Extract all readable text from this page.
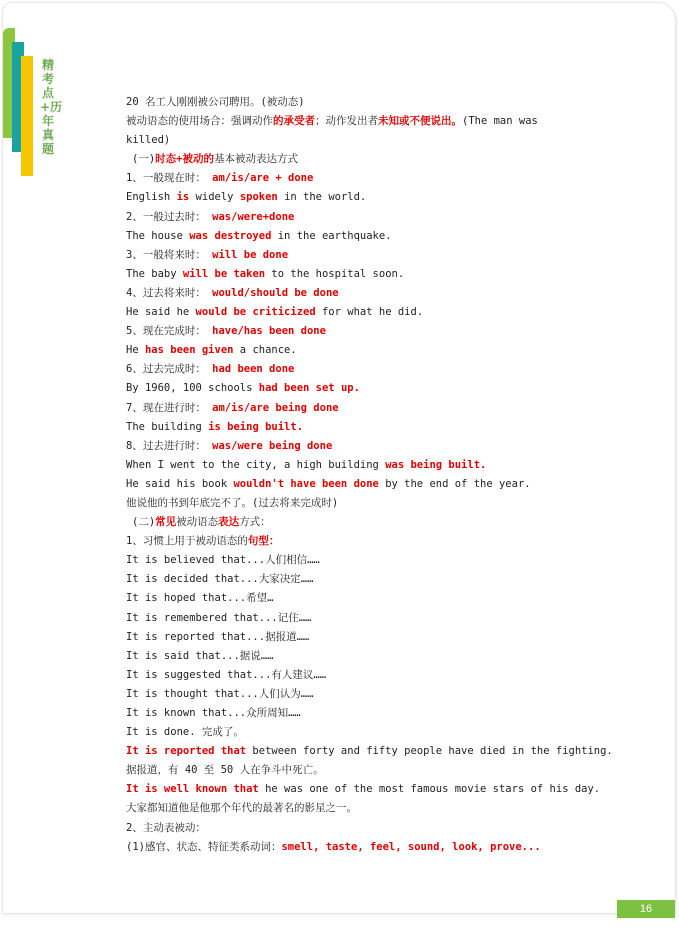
精考点+历年真题
20 名工人刚刚被公司聘用。(被动态)
被动语态的使用场合：强调动作的承受者；动作发出者未知或不便说出。(The man was killed)
(一)时态+被动的基本被动表达方式
1、一般现在时： am/is/are + done
English is widely spoken in the world.
2、一般过去时： was/were+done
The house was destroyed in the earthquake.
3、一般将来时： will be done
The baby will be taken to the hospital soon.
4、过去将来时： would/should be done
He said he would be criticized for what he did.
5、现在完成时： have/has been done
He has been given a chance.
6、过去完成时： had been done
By 1960, 100 schools had been set up.
7、现在进行时： am/is/are being done
The building is being built.
8、过去进行时： was/were being done
When I went to the city, a high building was being built.
He said his book wouldn't have been done by the end of the year.
他说他的书到年底完不了。(过去将来完成时)
(二)常见被动语态表达方式：
1、习惯上用于被动语态的句型：
It is believed that...人们相信……
It is decided that...大家决定……
It is hoped that...希望…
It is remembered that...记住……
It is reported that...据报道……
It is said that...据说……
It is suggested that...有人建议……
It is thought that...人们认为……
It is known that...众所周知……
It is done. 完成了。
It is reported that between forty and fifty people have died in the fighting.
据报道，有 40 至 50 人在争斗中死亡。
It is well known that he was one of the most famous movie stars of his day.
大家都知道他是他那个年代的最著名的影星之一。
2、主动表被动：
(1)感官、状态、特征类系动词：smell, taste, feel, sound, look, prove...
16
